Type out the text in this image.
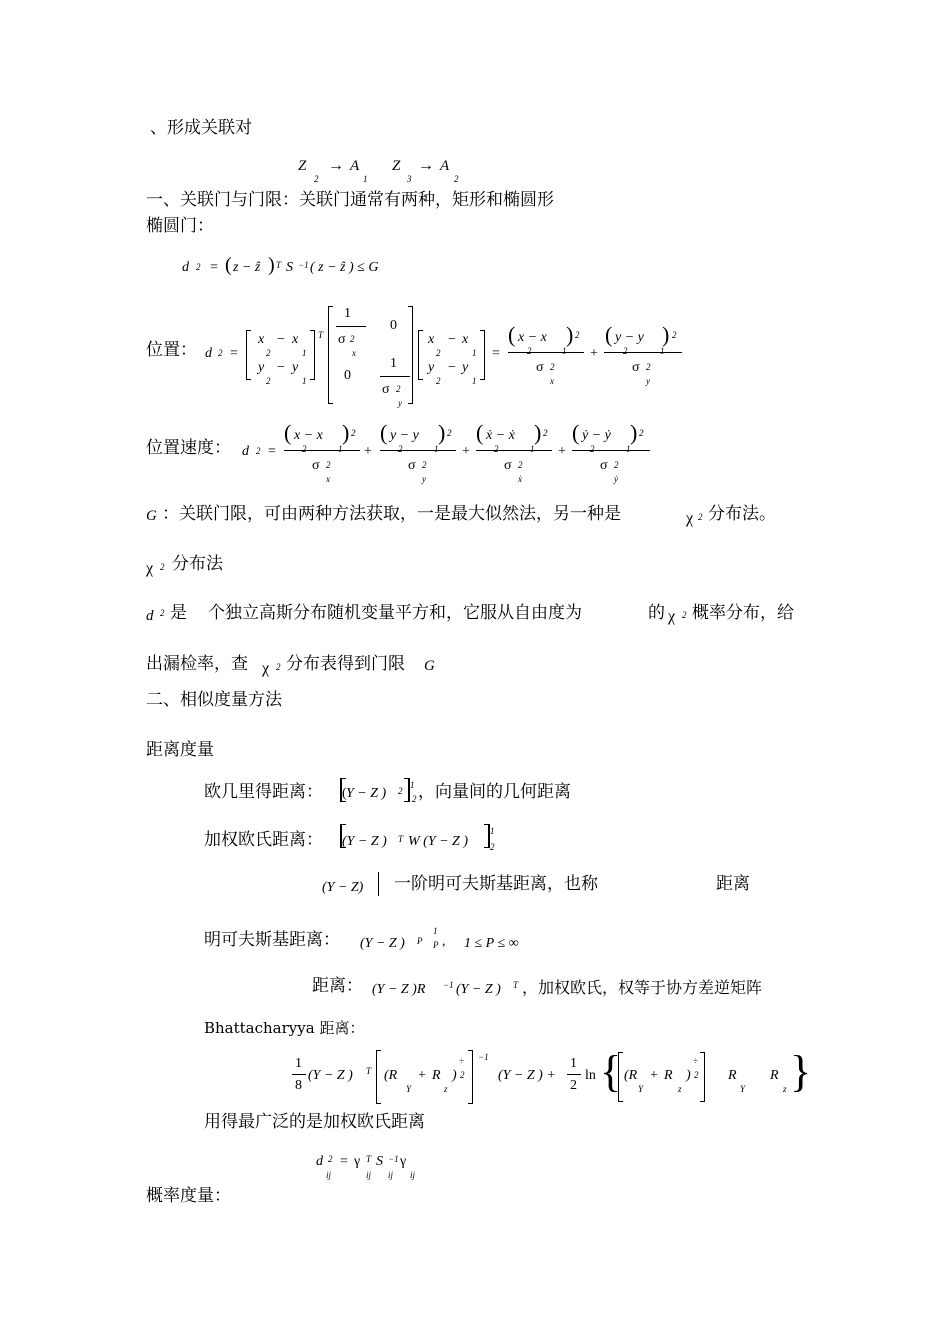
、形成关联对
Z
2
→ A
1
Z
3
→ A
2
一、关联门与门限：关联门通常有两种，矩形和椭圆形
椭圆门：
d 2 = ( z − ẑ ) T S −1 ( z − ẑ ) ≤ G
位置： d 2 =
x
2
− x
1
y
2
− y
1
T
1
σ 2
x
0
0
1
σ 2
y
x
2
− x
1
y
2
− y
1
=
( x − x ) 2
2	1
σ 2
x
+
( y − y ) 2
2	1
σ 2
y
位置速度： d 2 =
( x − x ) 2
2	1
σ 2
x
+
( y − y ) 2
2	1
σ 2
y
+
( ẋ − ẋ ) 2
2	1
σ 2
ẋ
+
( ẏ − ẏ ) 2
2	1
σ 2
ẏ
G ：关联门限，可由两种方法获取，一是最大似然法，另一种是	χ 2 分布法。
χ 2 分布法
d 2 是 个独立高斯分布随机变量平方和，它服从自由度为	的 χ 2 概率分布，给
出漏检率，查 χ 2 分布表得到门限 G
二、相似度量方法
距离度量
欧几里得距离： Y − Z )
(	2
1
2 ，向量间的几何距离
加权欧氏距离： (Y − Z ) T W (Y − Z )
1
2
(Y − Z) 一阶明可夫斯基距离，也称	距离
明可夫斯基距离： (Y − Z ) P
1
P , 1 ≤ P ≤ ∞
距离： (Y − Z )R −1 (Y − Z ) T ，加权欧氏，权等于协方差逆矩阵
Bhattacharyya 距离：
1
8
(Y − Z ) T (R
Y
+ R
z
) 2
÷ −1
(Y − Z ) +
1
2
ln { (R
Y
+ R
z
) 2
÷
R
Y
R
z }
用得最广泛的是加权欧氏距离
d 2
ij
= γ T
ij
S −1
ij
γ
ij
概率度量：
